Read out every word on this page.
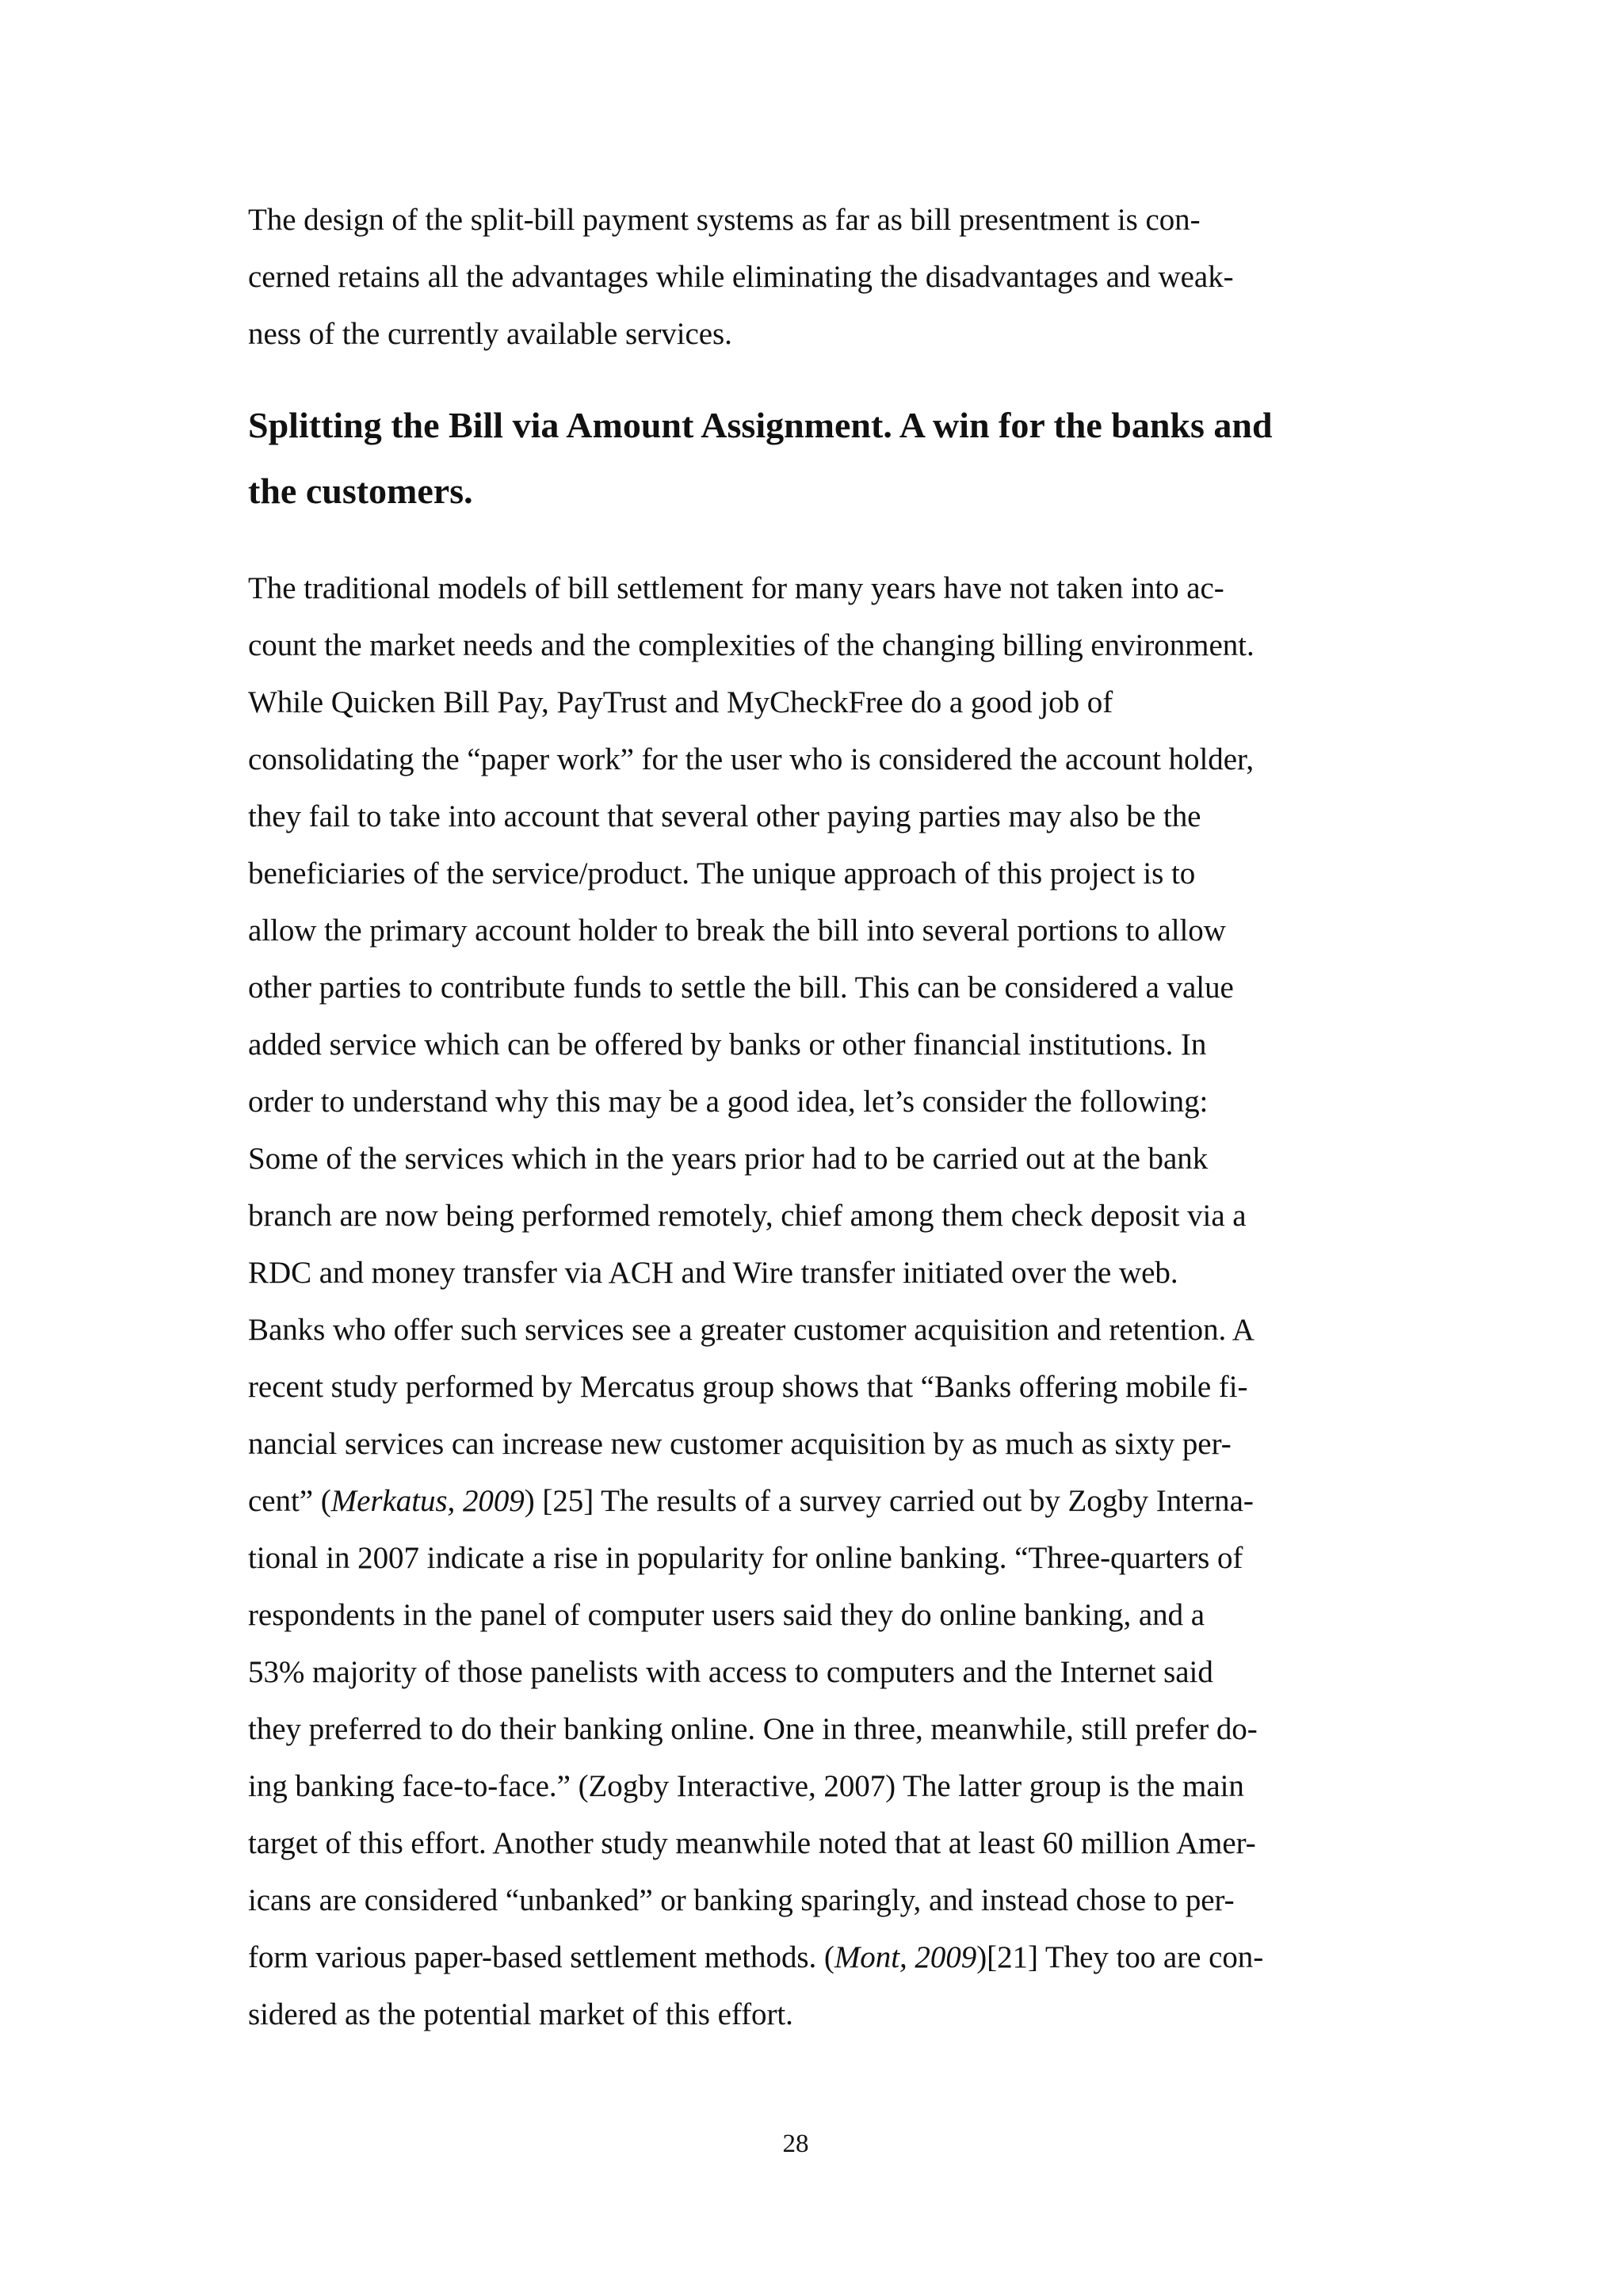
The design of the split-bill payment systems as far as bill presentment is con-
cerned retains all the advantages while eliminating the disadvantages and weak-
ness of the currently available services.
Splitting the Bill via Amount Assignment. A win for the banks and
the customers.
The traditional models of bill settlement for many years have not taken into ac-
count the market needs and the complexities of the changing billing environment.
While Quicken Bill Pay, PayTrust and MyCheckFree do a good job of
consolidating the “paper work” for the user who is considered the account holder,
they fail to take into account that several other paying parties may also be the
beneficiaries of the service/product. The unique approach of this project is to
allow the primary account holder to break the bill into several portions to allow
other parties to contribute funds to settle the bill. This can be considered a value
added service which can be offered by banks or other financial institutions. In
order to understand why this may be a good idea, let’s consider the following:
Some of the services which in the years prior had to be carried out at the bank
branch are now being performed remotely, chief among them check deposit via a
RDC and money transfer via ACH and Wire transfer initiated over the web.
Banks who offer such services see a greater customer acquisition and retention. A
recent study performed by Mercatus group shows that “Banks offering mobile fi-
nancial services can increase new customer acquisition by as much as sixty per-
cent” (Merkatus, 2009) [25] The results of a survey carried out by Zogby Interna-
tional in 2007 indicate a rise in popularity for online banking. “Three-quarters of
respondents in the panel of computer users said they do online banking, and a
53% majority of those panelists with access to computers and the Internet said
they preferred to do their banking online. One in three, meanwhile, still prefer do-
ing banking face-to-face.” (Zogby Interactive, 2007) The latter group is the main
target of this effort. Another study meanwhile noted that at least 60 million Amer-
icans are considered “unbanked” or banking sparingly, and instead chose to per-
form various paper-based settlement methods. (Mont, 2009)[21] They too are con-
sidered as the potential market of this effort.
28
